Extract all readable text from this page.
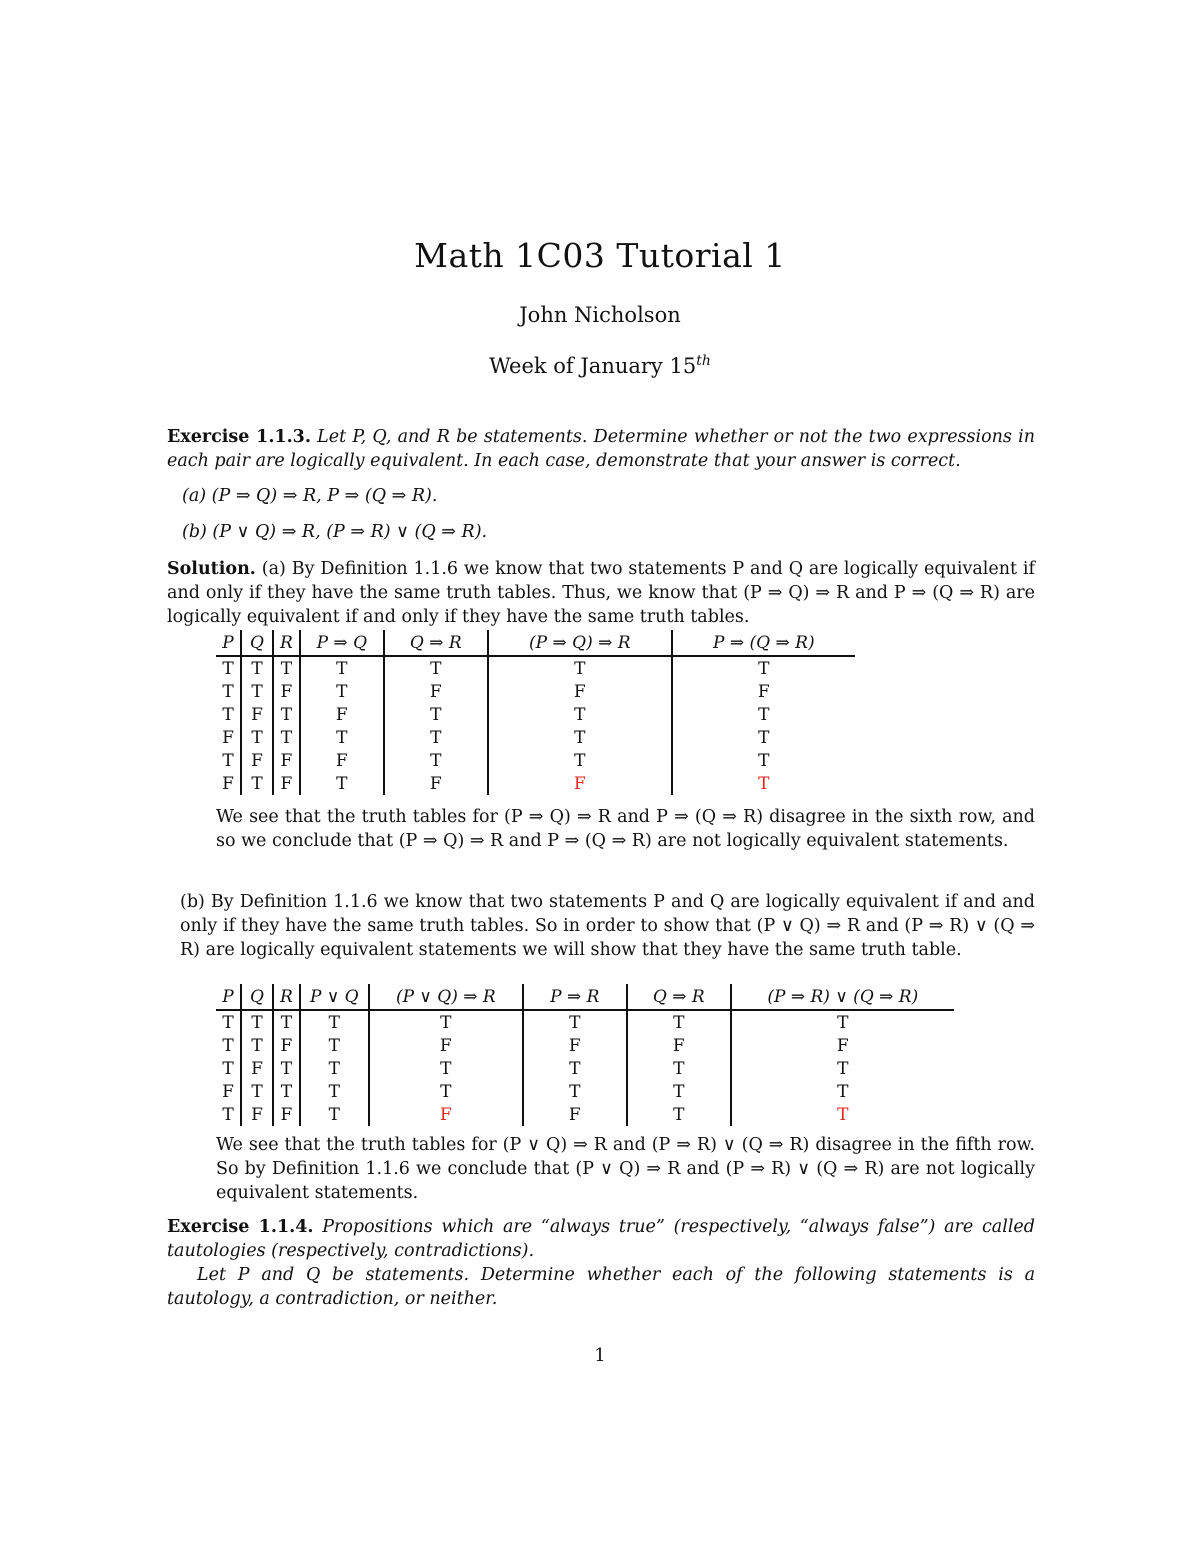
Math 1C03 Tutorial 1
John Nicholson
Week of January 15th
Exercise 1.1.3. Let P, Q, and R be statements. Determine whether or not the two expressions in each pair are logically equivalent. In each case, demonstrate that your answer is correct.
(a) (P ⇒ Q) ⇒ R, P ⇒ (Q ⇒ R).
(b) (P ∨ Q) ⇒ R, (P ⇒ R) ∨ (Q ⇒ R).
Solution. (a) By Definition 1.1.6 we know that two statements P and Q are logically equivalent if and only if they have the same truth tables. Thus, we know that (P ⇒ Q) ⇒ R and P ⇒ (Q ⇒ R) are logically equivalent if and only if they have the same truth tables.
P	Q	R	P ⇒ Q	Q ⇒ R	(P ⇒ Q) ⇒ R	P ⇒ (Q ⇒ R)
T	T	T	T	T	T	T
T	T	F	T	F	F	F
T	F	T	F	T	T	T
F	T	T	T	T	T	T
T	F	F	F	T	T	T
F	T	F	T	F	F	T
We see that the truth tables for (P ⇒ Q) ⇒ R and P ⇒ (Q ⇒ R) disagree in the sixth row, and so we conclude that (P ⇒ Q) ⇒ R and P ⇒ (Q ⇒ R) are not logically equivalent statements.
(b) By Definition 1.1.6 we know that two statements P and Q are logically equivalent if and and only if they have the same truth tables. So in order to show that (P ∨ Q) ⇒ R and (P ⇒ R) ∨ (Q ⇒ R) are logically equivalent statements we will show that they have the same truth table.
P	Q	R	P ∨ Q	(P ∨ Q) ⇒ R	P ⇒ R	Q ⇒ R	(P ⇒ R) ∨ (Q ⇒ R)
T	T	T	T	T	T	T	T
T	T	F	T	F	F	F	F
T	F	T	T	T	T	T	T
F	T	T	T	T	T	T	T
T	F	F	T	F	F	T	T
We see that the truth tables for (P ∨ Q) ⇒ R and (P ⇒ R) ∨ (Q ⇒ R) disagree in the fifth row. So by Definition 1.1.6 we conclude that (P ∨ Q) ⇒ R and (P ⇒ R) ∨ (Q ⇒ R) are not logically equivalent statements.
Exercise 1.1.4. Propositions which are “always true” (respectively, “always false”) are called tautologies (respectively, contradictions).
Let P and Q be statements. Determine whether each of the following statements is a tautology, a contradiction, or neither.
1
